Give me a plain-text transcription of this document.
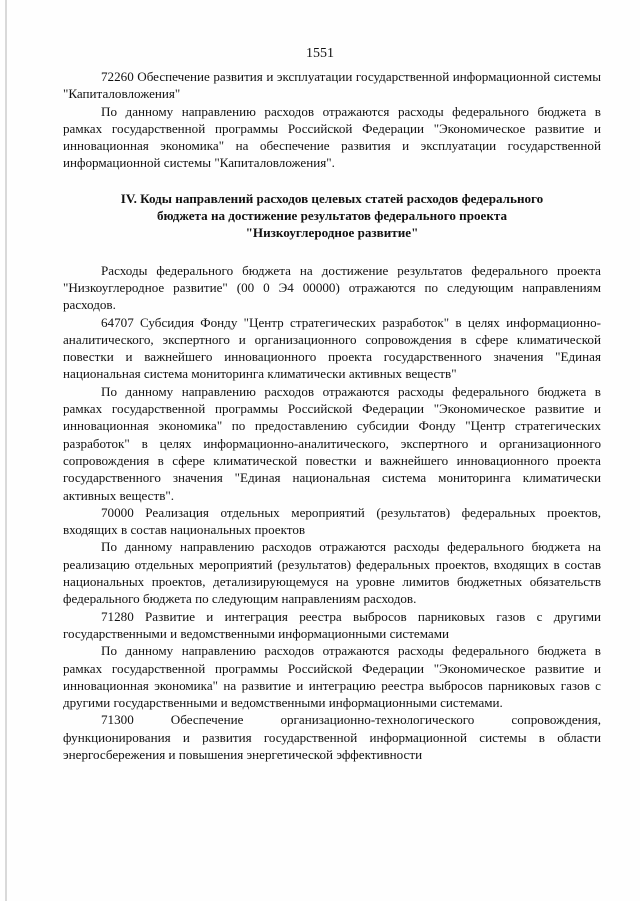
1551

72260 Обеспечение развития и эксплуатации государственной информационной системы "Капиталовложения"

По данному направлению расходов отражаются расходы федерального бюджета в рамках государственной программы Российской Федерации "Экономическое развитие и инновационная экономика" на обеспечение развития и эксплуатации государственной информационной системы "Капиталовложения".

IV. Коды направлений расходов целевых статей расходов федерального
бюджета на достижение результатов федерального проекта
"Низкоуглеродное развитие"

Расходы федерального бюджета на достижение результатов федерального проекта "Низкоуглеродное развитие" (00 0 Э4 00000) отражаются по следующим направлениям расходов.

64707 Субсидия Фонду "Центр стратегических разработок" в целях информационно-аналитического, экспертного и организационного сопровождения в сфере климатической повестки и важнейшего инновационного проекта государственного значения "Единая национальная система мониторинга климатически активных веществ"

По данному направлению расходов отражаются расходы федерального бюджета в рамках государственной программы Российской Федерации "Экономическое развитие и инновационная экономика" по предоставлению субсидии Фонду "Центр стратегических разработок" в целях информационно-аналитического, экспертного и организационного сопровождения в сфере климатической повестки и важнейшего инновационного проекта государственного значения "Единая национальная система мониторинга климатически активных веществ".

70000 Реализация отдельных мероприятий (результатов) федеральных проектов, входящих в состав национальных проектов

По данному направлению расходов отражаются расходы федерального бюджета на реализацию отдельных мероприятий (результатов) федеральных проектов, входящих в состав национальных проектов, детализирующемуся на уровне лимитов бюджетных обязательств федерального бюджета по следующим направлениям расходов.

71280 Развитие и интеграция реестра выбросов парниковых газов с другими государственными и ведомственными информационными системами

По данному направлению расходов отражаются расходы федерального бюджета в рамках государственной программы Российской Федерации "Экономическое развитие и инновационная экономика" на развитие и интеграцию реестра выбросов парниковых газов с другими государственными и ведомственными информационными системами.

71300 Обеспечение организационно-технологического сопровождения, функционирования и развития государственной информационной системы в области энергосбережения и повышения энергетической эффективности
